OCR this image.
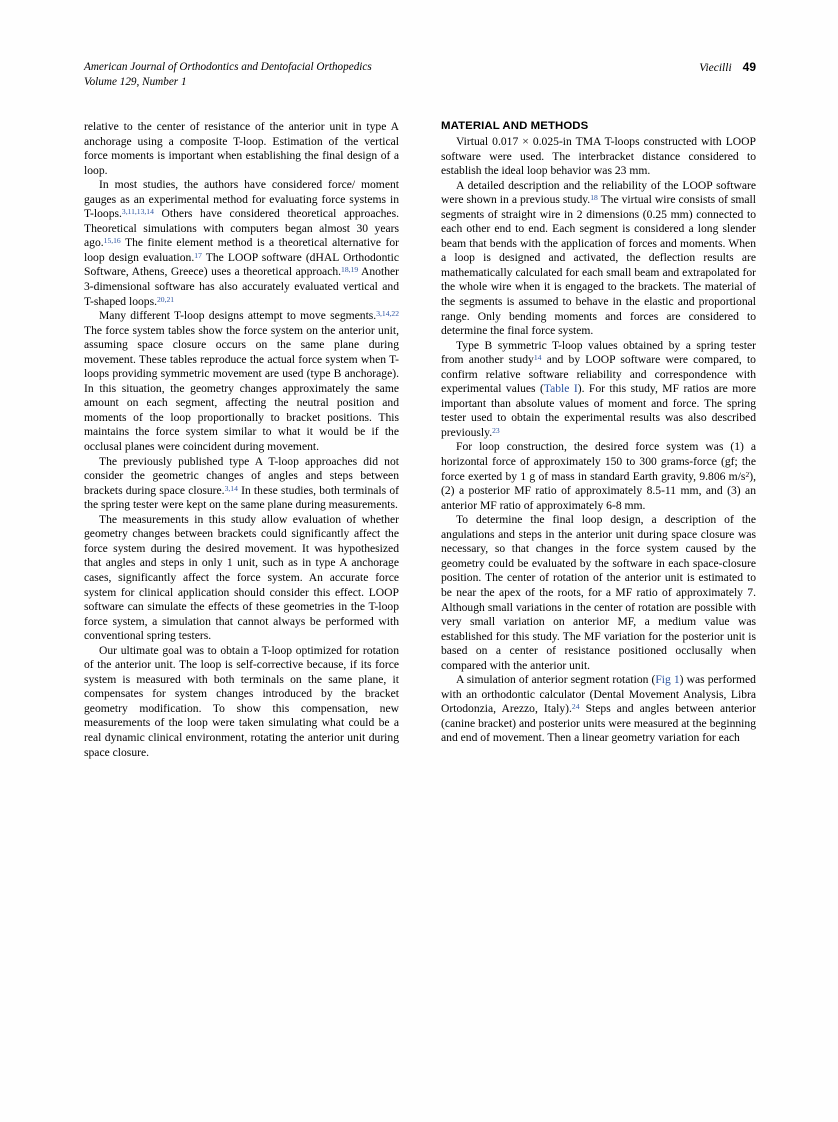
American Journal of Orthodontics and Dentofacial Orthopedics
Volume 129, Number 1
Viecilli 49

relative to the center of resistance of the anterior unit in type A anchorage using a composite T-loop. Estimation of the vertical force moments is important when establishing the final design of a loop.

In most studies, the authors have considered force/ moment gauges as an experimental method for evaluating force systems in T-loops.$^{3,11,13,14}$ Others have considered theoretical approaches. Theoretical simulations with computers began almost 30 years ago.$^{15,16}$ The finite element method is a theoretical alternative for loop design evaluation.$^{17}$ The LOOP software (dHAL Orthodontic Software, Athens, Greece) uses a theoretical approach.$^{18,19}$ Another 3-dimensional software has also accurately evaluated vertical and T-shaped loops.$^{20,21}$

Many different T-loop designs attempt to move segments.$^{3,14,22}$ The force system tables show the force system on the anterior unit, assuming space closure occurs on the same plane during movement. These tables reproduce the actual force system when T-loops providing symmetric movement are used (type B anchorage). In this situation, the geometry changes approximately the same amount on each segment, affecting the neutral position and moments of the loop proportionally to bracket positions. This maintains the force system similar to what it would be if the occlusal planes were coincident during movement.

The previously published type A T-loop approaches did not consider the geometric changes of angles and steps between brackets during space closure.$^{3,14}$ In these studies, both terminals of the spring tester were kept on the same plane during measurements.

The measurements in this study allow evaluation of whether geometry changes between brackets could significantly affect the force system during the desired movement. It was hypothesized that angles and steps in only 1 unit, such as in type A anchorage cases, significantly affect the force system. An accurate force system for clinical application should consider this effect. LOOP software can simulate the effects of these geometries in the T-loop force system, a simulation that cannot always be performed with conventional spring testers.

Our ultimate goal was to obtain a T-loop optimized for rotation of the anterior unit. The loop is self-corrective because, if its force system is measured with both terminals on the same plane, it compensates for system changes introduced by the bracket geometry modification. To show this compensation, new measurements of the loop were taken simulating what could be a real dynamic clinical environment, rotating the anterior unit during space closure.

MATERIAL AND METHODS

Virtual 0.017 × 0.025-in TMA T-loops constructed with LOOP software were used. The interbracket distance considered to establish the ideal loop behavior was 23 mm.

A detailed description and the reliability of the LOOP software were shown in a previous study.$^{18}$ The virtual wire consists of small segments of straight wire in 2 dimensions (0.25 mm) connected to each other end to end. Each segment is considered a long slender beam that bends with the application of forces and moments. When a loop is designed and activated, the deflection results are mathematically calculated for each small beam and extrapolated for the whole wire when it is engaged to the brackets. The material of the segments is assumed to behave in the elastic and proportional range. Only bending moments and forces are considered to determine the final force system.

Type B symmetric T-loop values obtained by a spring tester from another study$^{14}$ and by LOOP software were compared, to confirm relative software reliability and correspondence with experimental values (Table I). For this study, MF ratios are more important than absolute values of moment and force. The spring tester used to obtain the experimental results was also described previously.$^{23}$

For loop construction, the desired force system was (1) a horizontal force of approximately 150 to 300 grams-force (gf; the force exerted by 1 g of mass in standard Earth gravity, 9.806 $m/s^2$), (2) a posterior MF ratio of approximately 8.5-11 mm, and (3) an anterior MF ratio of approximately 6-8 mm.

To determine the final loop design, a description of the angulations and steps in the anterior unit during space closure was necessary, so that changes in the force system caused by the geometry could be evaluated by the software in each space-closure position. The center of rotation of the anterior unit is estimated to be near the apex of the roots, for a MF ratio of approximately 7. Although small variations in the center of rotation are possible with very small variation on anterior MF, a medium value was established for this study. The MF variation for the posterior unit is based on a center of resistance positioned occlusally when compared with the anterior unit.

A simulation of anterior segment rotation (Fig 1) was performed with an orthodontic calculator (Dental Movement Analysis, Libra Ortodonzia, Arezzo, Italy).$^{24}$ Steps and angles between anterior (canine bracket) and posterior units were measured at the beginning and end of movement. Then a linear geometry variation for each
